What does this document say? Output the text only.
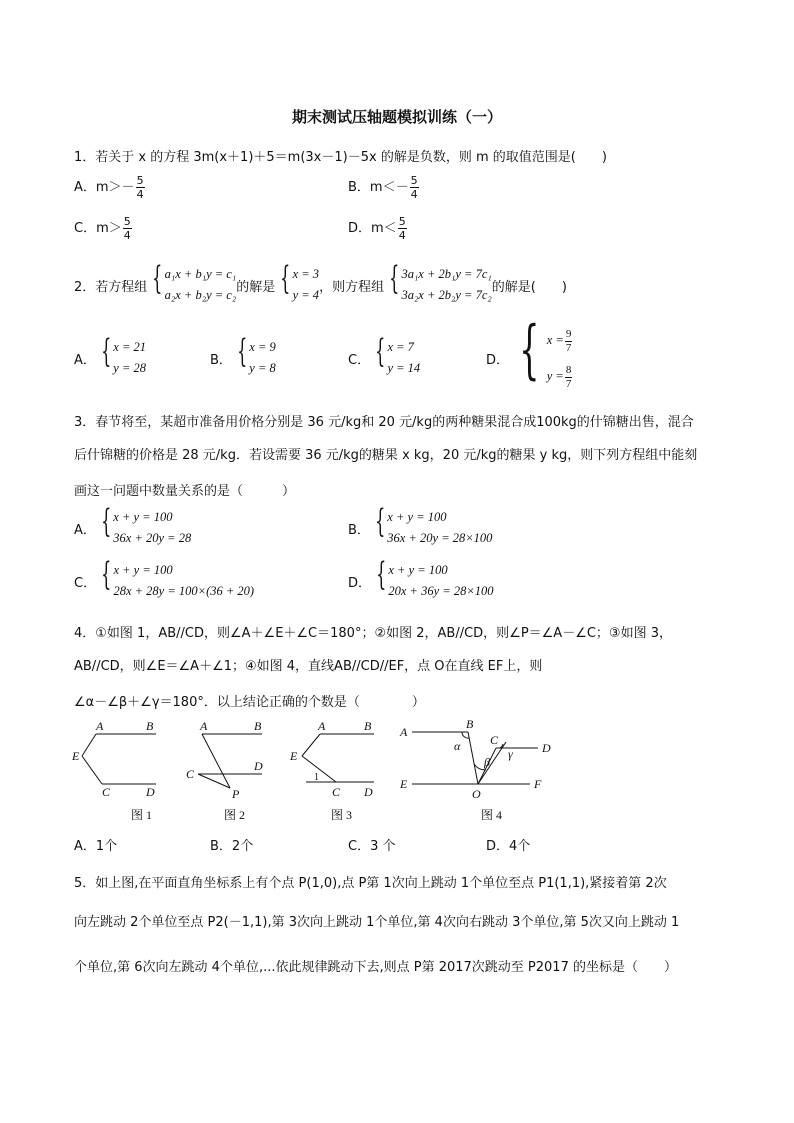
期末测试压轴题模拟训练（一）
1．若关于 x 的方程 3m(x＋1)＋5＝m(3x－1)－5x 的解是负数，则 m 的取值范围是(　　)
A．$m>- \frac{5}{4}$	B．$m<- \frac{5}{4}$
C．$m> \frac{5}{4}$	D．$m< \frac{5}{4}$
2．若方程组 { a₁x + b₁y = c₁
a₂x + b₂y = c₂
的解是 { x = 3
y = 4
，则方程组 { 3a₁x + 2b₁y = 7c₁
3a₂x + 2b₂y = 7c₂
的解是(　　)
A． { x = 21
y = 28
B． { x = 9
y = 8
C． { x = 7
y = 14
D． { $x = \frac{9}{7}$
$y = \frac{8}{7}$
3．春节将至，某超市准备用价格分别是 36 元/kg和 20 元/kg的两种糖果混合成100kg的什锦糖出售，混合
后什锦糖的价格是 28 元/kg．若设需要 36 元/kg的糖果 x kg，20 元/kg的糖果 y kg，则下列方程组中能刻
画这一问题中数量关系的是（　　　）
A． { x + y = 100
36x + 20y = 28
B． { x + y = 100
36x + 20y = 28×100
C． { x + y = 100
28x + 28y = 100×(36 + 20)
D． { x + y = 100
20x + 36y = 28×100
4．①如图 1，AB//CD，则∠A＋∠E＋∠C＝180°；②如图 2，AB//CD，则∠P＝∠A－∠C；③如图 3，
AB//CD，则∠E＝∠A＋∠1；④如图 4，直线AB//CD//EF，点 O在直线 EF上，则
∠α－∠β＋∠γ＝180°．以上结论正确的个数是（　　　　）
A	B
E
C	D
图 1
A	B
C
D
P
图 2
A	B
E
1
C D
图 3
A
B
C
D
E
O
F
α
β
γ
图 4
A．1个	B．2个	C．3 个	D．4个
5．如上图,在平面直角坐标系上有个点 P(1,0),点 P第 1次向上跳动 1个单位至点 P1(1,1),紧接着第 2次
向左跳动 2个单位至点 P2(－1,1),第 3次向上跳动 1个单位,第 4次向右跳动 3个单位,第 5次又向上跳动 1
个单位,第 6次向左跳动 4个单位,...依此规律跳动下去,则点 P第 2017次跳动至 P2017 的坐标是（　　）
